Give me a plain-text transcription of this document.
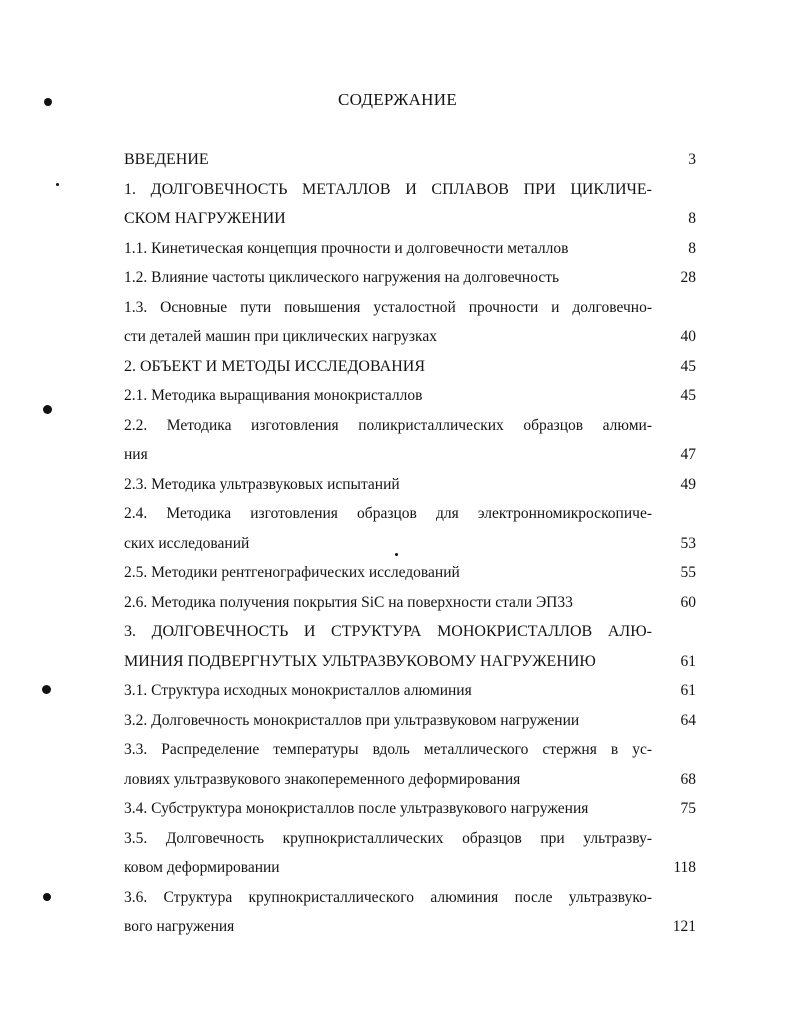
СОДЕРЖАНИЕ
ВВЕДЕНИЕ	3
1. ДОЛГОВЕЧНОСТЬ МЕТАЛЛОВ И СПЛАВОВ ПРИ ЦИКЛИЧЕ-
СКОМ НАГРУЖЕНИИ	8
1.1. Кинетическая концепция прочности и долговечности металлов	8
1.2. Влияние частоты циклического нагружения на долговечность	28
1.3. Основные пути повышения усталостной прочности и долговечно-
сти деталей машин при циклических нагрузках	40
2. ОБЪЕКТ И МЕТОДЫ ИССЛЕДОВАНИЯ	45
2.1. Методика выращивания монокристаллов	45
2.2. Методика изготовления поликристаллических образцов алюми-
ния	47
2.3. Методика ультразвуковых испытаний	49
2.4. Методика изготовления образцов для электронномикроскопиче-
ских исследований	53
2.5. Методики рентгенографических исследований	55
2.6. Методика получения покрытия SiC на поверхности стали ЭП33	60
3. ДОЛГОВЕЧНОСТЬ И СТРУКТУРА МОНОКРИСТАЛЛОВ АЛЮ-
МИНИЯ ПОДВЕРГНУТЫХ УЛЬТРАЗВУКОВОМУ НАГРУЖЕНИЮ	61
3.1. Структура исходных монокристаллов алюминия	61
3.2. Долговечность монокристаллов при ультразвуковом нагружении	64
3.3. Распределение температуры вдоль металлического стержня в ус-
ловиях ультразвукового знакопеременного деформирования	68
3.4. Субструктура монокристаллов после ультразвукового нагружения	75
3.5. Долговечность крупнокристаллических образцов при ультразву-
ковом деформировании	118
3.6. Структура крупнокристаллического алюминия после ультразвуко-
вого нагружения	121
